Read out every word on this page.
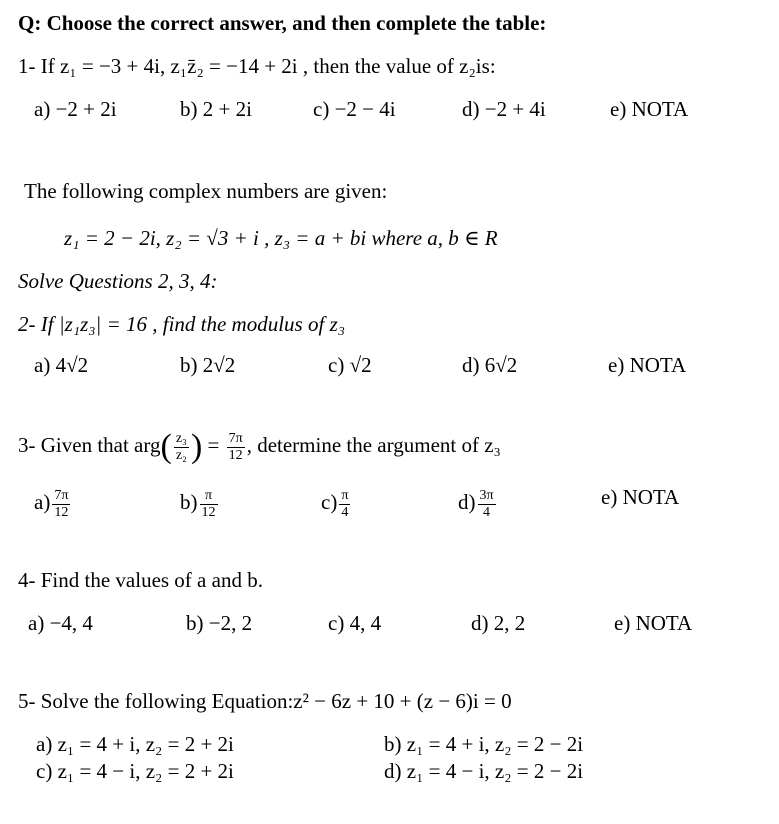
Q: Choose the correct answer, and then complete the table:
1- If z₁ = −3 + 4i, z₁z̄₂ = −14 + 2i , then the value of z₂is:
a) −2 + 2i	b) 2 + 2i	c) −2 − 4i	d) −2 + 4i	e) NOTA
The following complex numbers are given:
z₁ = 2 − 2i, z₂ = √3 + i , z₃ = a + bi where a, b ∈ R
Solve Questions 2, 3, 4:
2- If |z₁z₃| = 16 , find the modulus of z₃
a) 4√2	b) 2√2	c) √2	d) 6√2	e) NOTA
3- Given that $arg( \frac{\text{z₃}}{\text{z₂}}$ ) = $\frac{7\pi}{12}$ , determine the argument of z₃
$a) \frac{7\pi}{12}$	$b) \frac{\pi}{12}$	$c) \frac{\pi}{4}$	$d) \frac{3\pi}{4}$	e) NOTA
4- Find the values of a and b.
a) −4, 4	b) −2, 2	c) 4, 4	d) 2, 2	e) NOTA
5- Solve the following Equation:z² − 6z + 10 + (z − 6)i = 0
a) z₁ = 4 + i, z₂ = 2 + 2i	b) z₁ = 4 + i, z₂ = 2 − 2i
c) z₁ = 4 − i, z₂ = 2 + 2i	d) z₁ = 4 − i, z₂ = 2 − 2i
